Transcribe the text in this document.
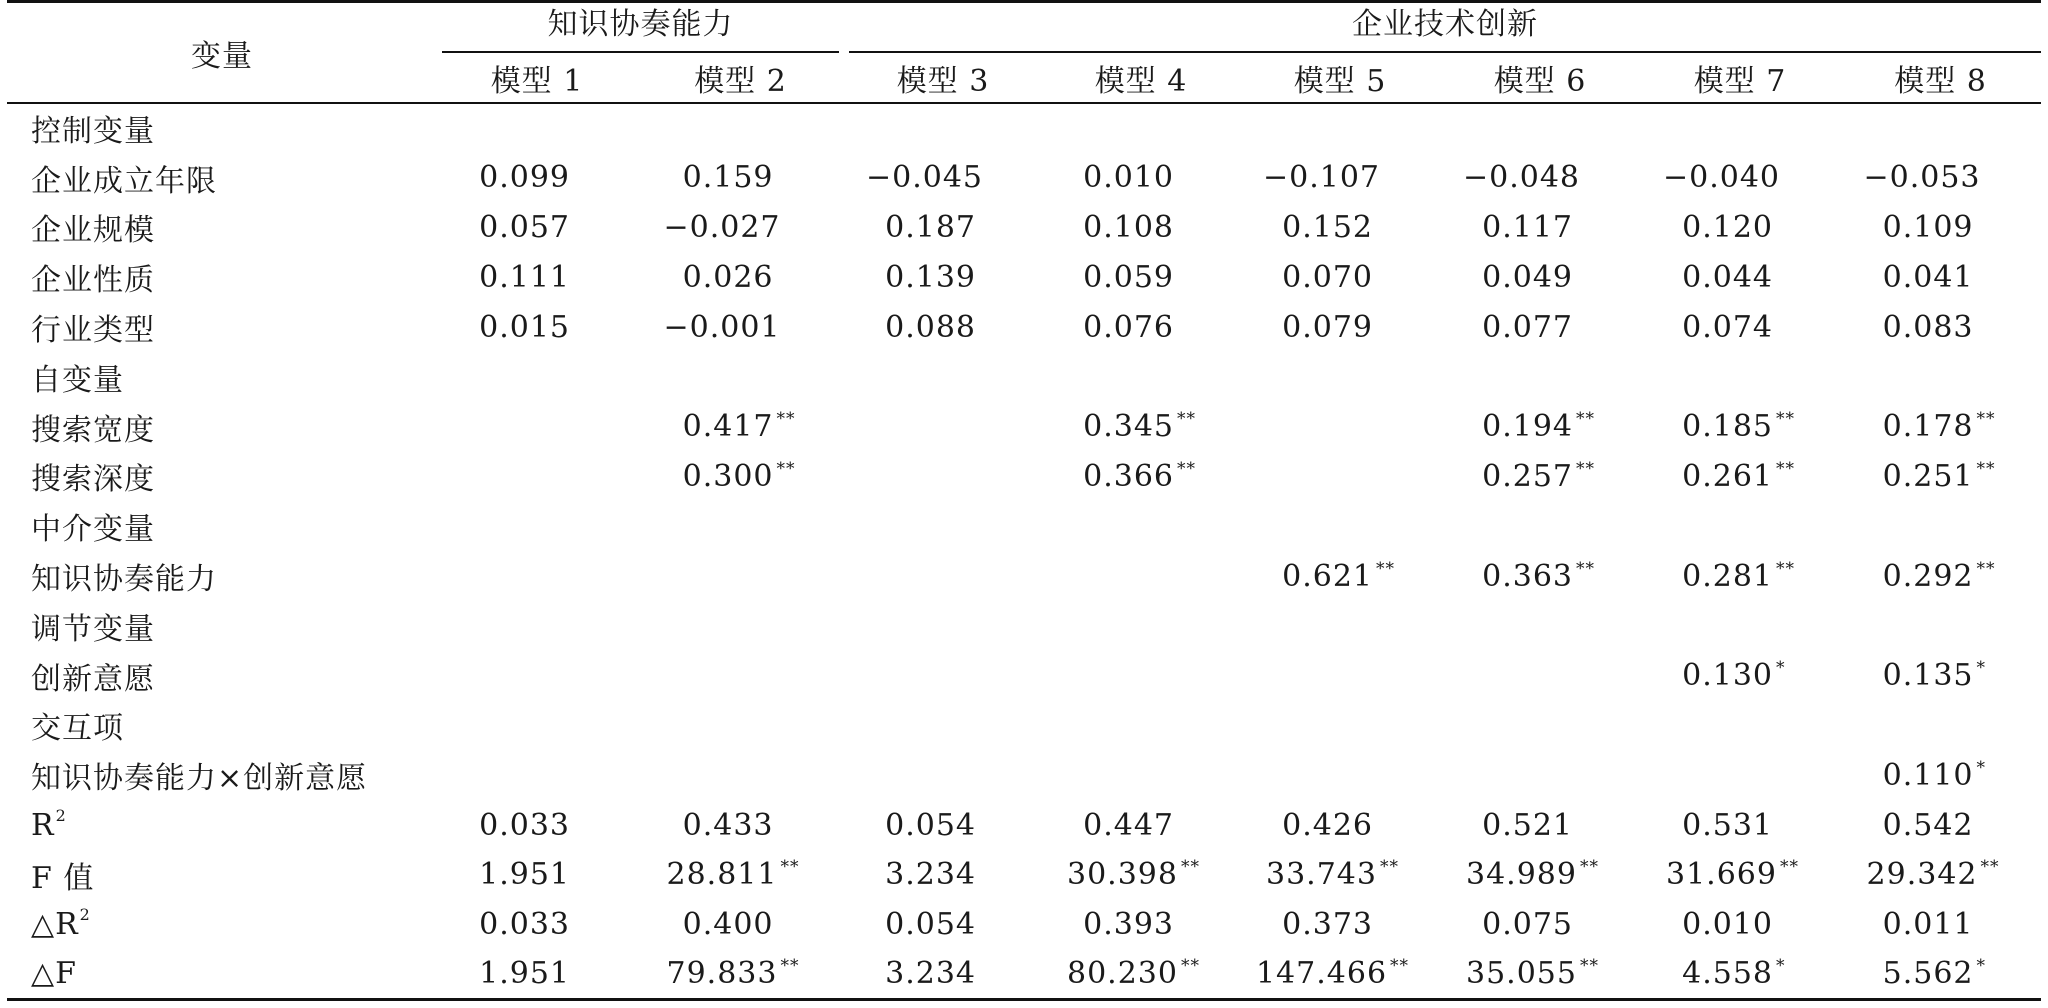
变量	知识协奏能力		企业技术创新					

	模型 1	模型 2	模型 3	模型 4	模型 5	模型 6	模型 7	模型 8
控制变量								
企业成立年限	0.099	0.159	−0.045	0.010	−0.107	−0.048	−0.040	−0.053
企业规模	0.057	−0.027	0.187	0.108	0.152	0.117	0.120	0.109
企业性质	0.111	0.026	0.139	0.059	0.070	0.049	0.044	0.041
行业类型	0.015	−0.001	0.088	0.076	0.079	0.077	0.074	0.083
自变量								
搜索宽度		0.417 **		0.345 **		0.194 **	0.185 **	0.178 **
搜索深度		0.300 **		0.366 **		0.257 **	0.261 **	0.251 **
中介变量								
知识协奏能力					0.621 **	0.363 **	0.281 **	0.292 **
调节变量								
创新意愿							0.130 *	0.135 *
交互项								
知识协奏能力×创新意愿								0.110 *
$R^2$	0.033	0.433	0.054	0.447	0.426	0.521	0.531	0.542
F 值	1.951	28.811 **	3.234	30.398 **	33.743 **	34.989 **	31.669 **	29.342 **
$\triangle R^2$	0.033	0.400	0.054	0.393	0.373	0.075	0.010	0.011
△F	1.951	79.833 **	3.234	80.230 **	147.466 **	35.055 **	4.558 *	5.562 *
